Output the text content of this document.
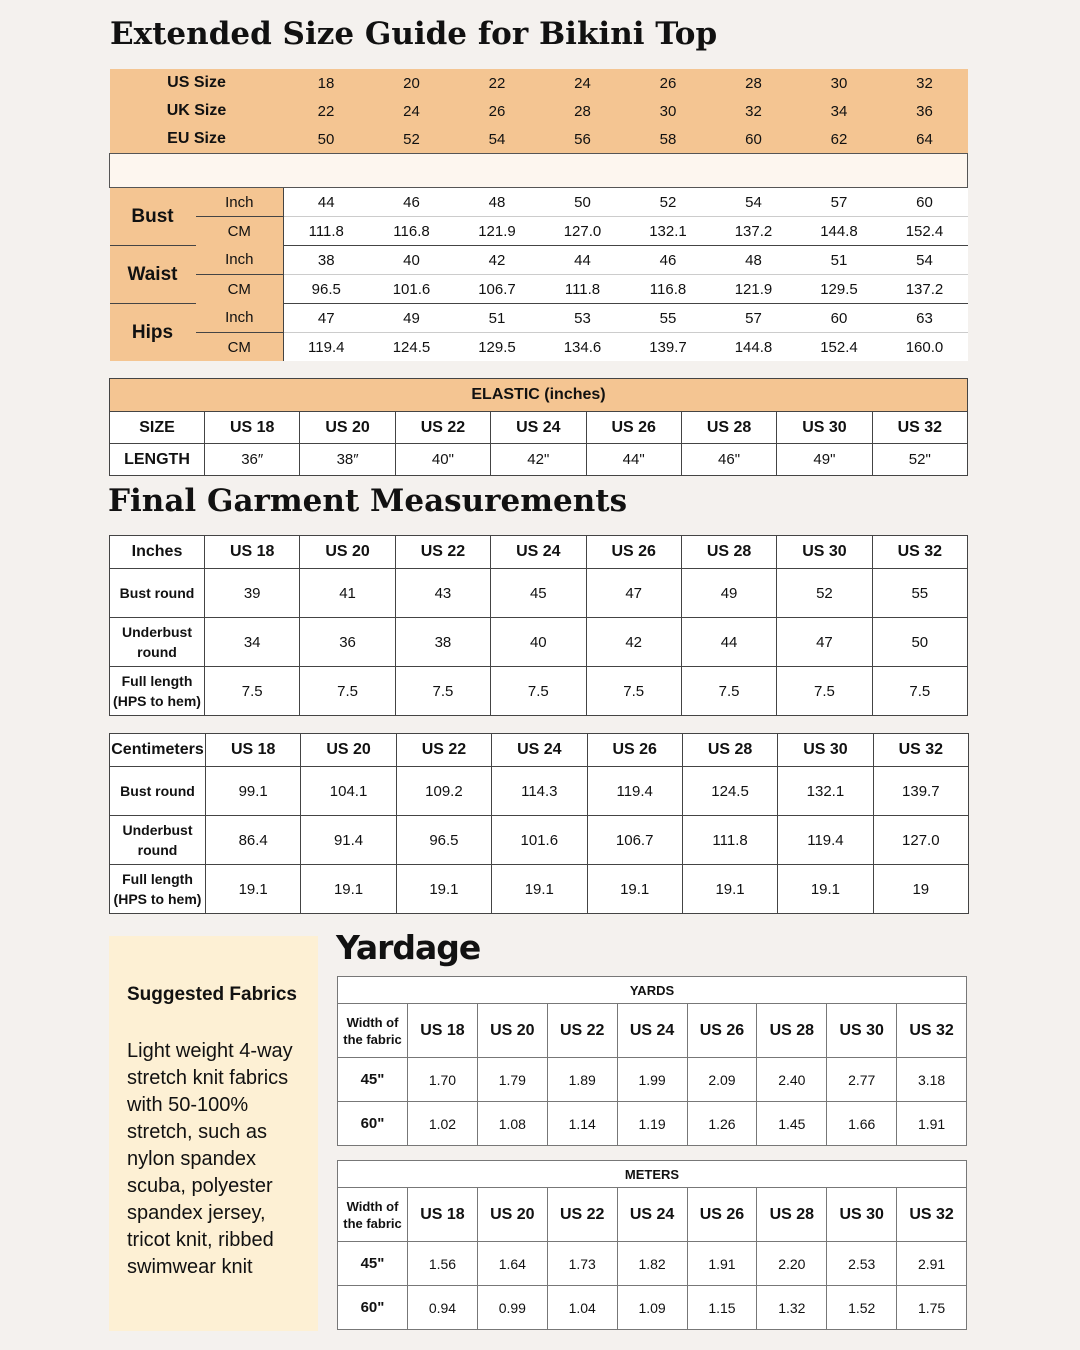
Extended Size Guide for Bikini Top
US Size		18	20	22	24	26	28	30	32
UK Size		22	24	26	28	30	32	34	36
EU Size		50	52	54	56	58	60	62	64

Bust	Inch	44	46	48	50	52	54	57	60
	CM	111.8	116.8	121.9	127.0	132.1	137.2	144.8	152.4
Waist	Inch	38	40	42	44	46	48	51	54
	CM	96.5	101.6	106.7	111.8	116.8	121.9	129.5	137.2
Hips	Inch	47	49	51	53	55	57	60	63
	CM	119.4	124.5	129.5	134.6	139.7	144.8	152.4	160.0
ELASTIC (inches)								
SIZE	US 18	US 20	US 22	US 24	US 26	US 28	US 30	US 32
LENGTH	36″	38″	40"	42"	44"	46"	49"	52"
Final Garment Measurements
Inches	US 18	US 20	US 22	US 24	US 26	US 28	US 30	US 32
Bust round	39	41	43	45	47	49	52	55
Underbust round	34	36	38	40	42	44	47	50
Full length (HPS to hem)	7.5	7.5	7.5	7.5	7.5	7.5	7.5	7.5
Centimeters	US 18	US 20	US 22	US 24	US 26	US 28	US 30	US 32
Bust round	99.1	104.1	109.2	114.3	119.4	124.5	132.1	139.7
Underbust round	86.4	91.4	96.5	101.6	106.7	111.8	119.4	127.0
Full length (HPS to hem)	19.1	19.1	19.1	19.1	19.1	19.1	19.1	19
Suggested Fabrics
Light weight 4-way stretch knit fabrics with 50-100% stretch, such as nylon spandex scuba, polyester spandex jersey, tricot knit, ribbed swimwear knit
Yardage
YARDS								
Width of the fabric	US 18	US 20	US 22	US 24	US 26	US 28	US 30	US 32
45"	1.70	1.79	1.89	1.99	2.09	2.40	2.77	3.18
60"	1.02	1.08	1.14	1.19	1.26	1.45	1.66	1.91
METERS								
Width of the fabric	US 18	US 20	US 22	US 24	US 26	US 28	US 30	US 32
45"	1.56	1.64	1.73	1.82	1.91	2.20	2.53	2.91
60"	0.94	0.99	1.04	1.09	1.15	1.32	1.52	1.75
